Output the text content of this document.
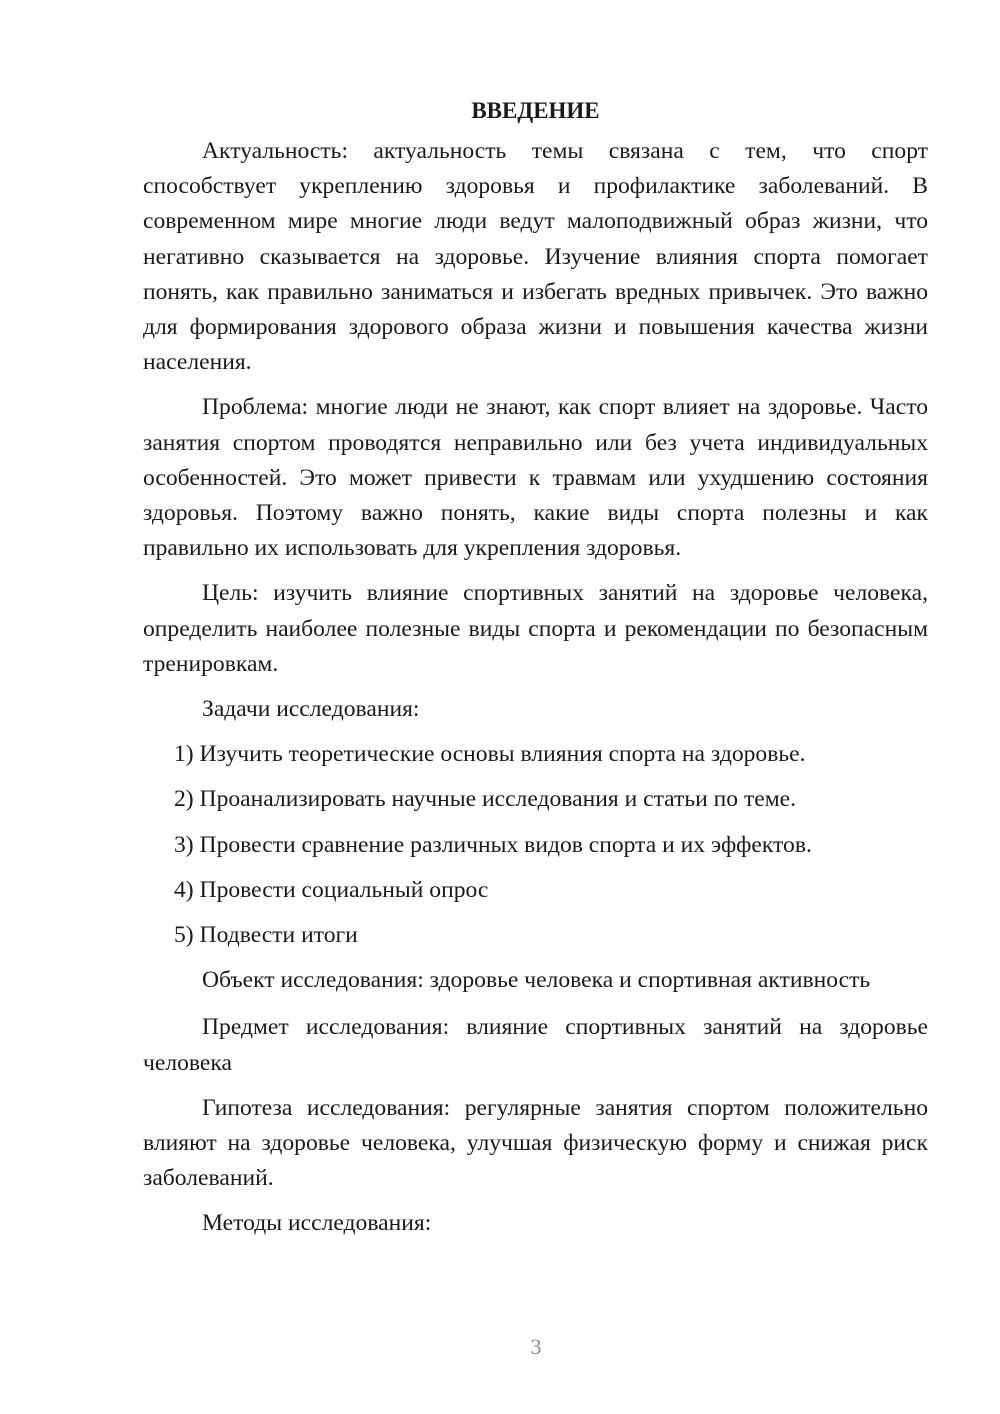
ВВЕДЕНИЕ

Актуальность: актуальность темы связана с тем, что спорт способствует укреплению здоровья и профилактике заболеваний. В современном мире многие люди ведут малоподвижный образ жизни, что негативно сказывается на здоровье. Изучение влияния спорта помогает понять, как правильно заниматься и избегать вредных привычек. Это важно для формирования здорового образа жизни и повышения качества жизни населения.

Проблема: многие люди не знают, как спорт влияет на здоровье. Часто занятия спортом проводятся неправильно или без учета индивидуальных особенностей. Это может привести к травмам или ухудшению состояния здоровья. Поэтому важно понять, какие виды спорта полезны и как правильно их использовать для укрепления здоровья.

Цель: изучить влияние спортивных занятий на здоровье человека, определить наиболее полезные виды спорта и рекомендации по безопасным тренировкам.

Задачи исследования:

1) Изучить теоретические основы влияния спорта на здоровье.
2) Проанализировать научные исследования и статьи по теме.
3) Провести сравнение различных видов спорта и их эффектов.
4) Провести социальный опрос
5) Подвести итоги

Объект исследования: здоровье человека и спортивная активность

Предмет исследования: влияние спортивных занятий на здоровье человека

Гипотеза исследования: регулярные занятия спортом положительно влияют на здоровье человека, улучшая физическую форму и снижая риск заболеваний.

Методы исследования:

3
